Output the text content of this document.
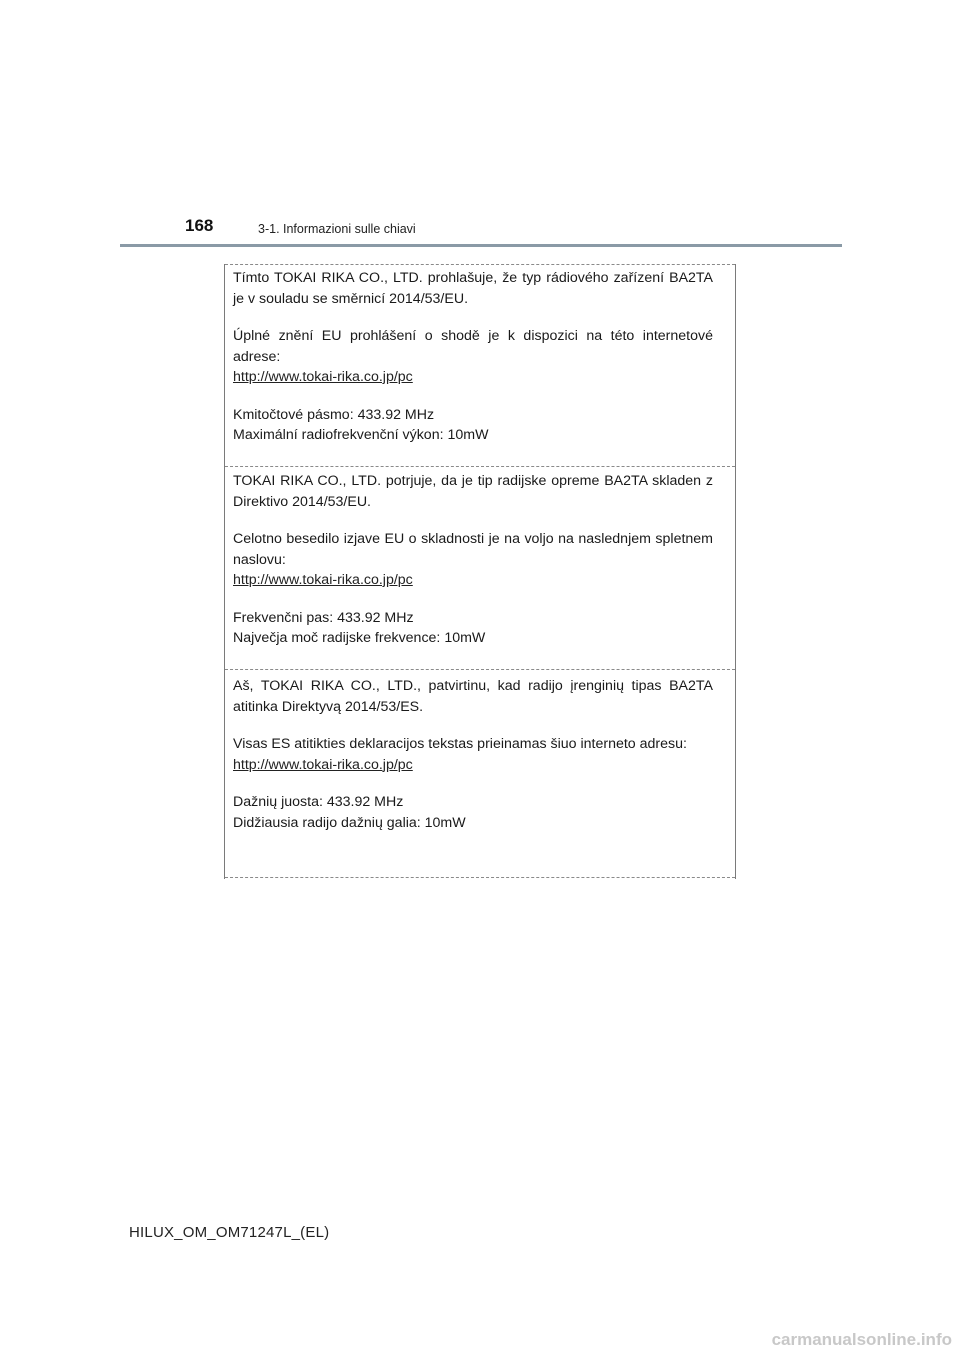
168	3-1. Informazioni sulle chiavi

Tímto TOKAI RIKA CO., LTD. prohlašuje, že typ rádiového zařízení BA2TA je v souladu se směrnicí 2014/53/EU.

Úplné znění EU prohlášení o shodě je k dispozici na této internetové adrese:

http://www.tokai-rika.co.jp/pc

Kmitočtové pásmo: 433.92 MHz

Maximální radiofrekvenční výkon: 10mW

TOKAI RIKA CO., LTD. potrjuje, da je tip radijske opreme BA2TA skladen z Direktivo 2014/53/EU.

Celotno besedilo izjave EU o skladnosti je na voljo na naslednjem spletnem naslovu:

http://www.tokai-rika.co.jp/pc

Frekvenčni pas: 433.92 MHz

Največja moč radijske frekvence: 10mW

Aš, TOKAI RIKA CO., LTD., patvirtinu, kad radijo įrenginių tipas BA2TA atitinka Direktyvą 2014/53/ES.

Visas ES atitikties deklaracijos tekstas prieinamas šiuo interneto adresu:

http://www.tokai-rika.co.jp/pc

Dažnių juosta: 433.92 MHz

Didžiausia radijo dažnių galia: 10mW

HILUX_OM_OM71247L_(EL)
carmanualsonline.info
